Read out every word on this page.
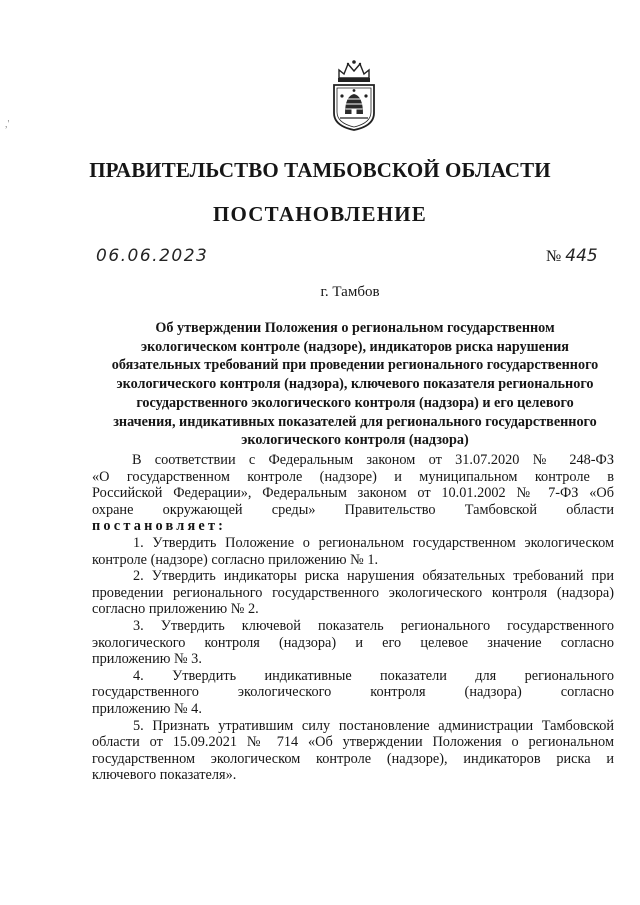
,'
ПРАВИТЕЛЬСТВО ТАМБОВСКОЙ ОБЛАСТИ
ПОСТАНОВЛЕНИЕ
06.06.2023	№ 445
г. Тамбов
Об утверждении Положения о региональном государственном
экологическом контроле (надзоре), индикаторов риска нарушения
обязательных требований при проведении регионального государственного
экологического контроля (надзора), ключевого показателя регионального
государственного экологического контроля (надзора) и его целевого
значения, индикативных показателей для регионального государственного
экологического контроля (надзора)
В соответствии с Федеральным законом от 31.07.2020 № 248-ФЗ
«О государственном контроле (надзоре) и муниципальном контроле в
Российской Федерации», Федеральным законом от 10.01.2002 № 7-ФЗ «Об
охране окружающей среды» Правительство Тамбовской области
постановляет:
1. Утвердить Положение о региональном государственном экологическом
контроле (надзоре) согласно приложению № 1.
2. Утвердить индикаторы риска нарушения обязательных требований при
проведении регионального государственного экологического контроля (надзора)
согласно приложению № 2.
3. Утвердить ключевой показатель регионального государственного
экологического контроля (надзора) и его целевое значение согласно
приложению № 3.
4. Утвердить индикативные показатели для регионального
государственного экологического контроля (надзора) согласно
приложению № 4.
5. Признать утратившим силу постановление администрации Тамбовской
области от 15.09.2021 № 714 «Об утверждении Положения о региональном
государственном экологическом контроле (надзоре), индикаторов риска и
ключевого показателя».
